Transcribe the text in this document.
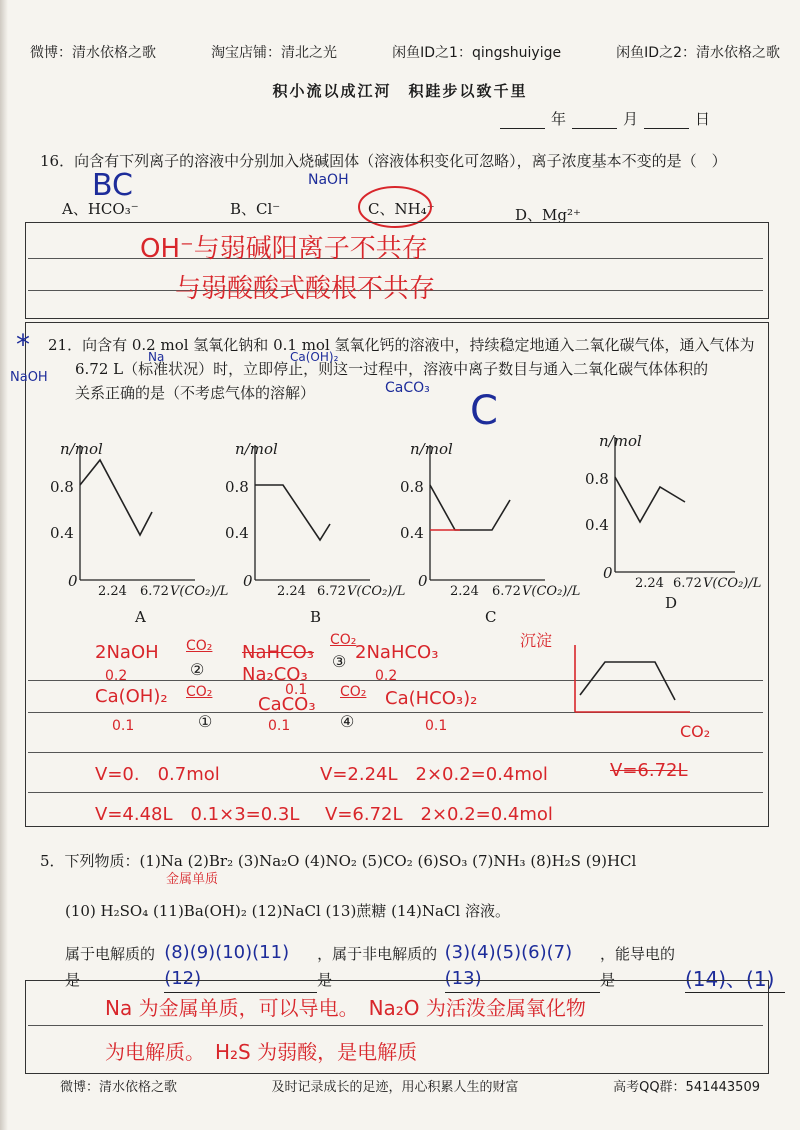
微博：清水依格之歌	淘宝店铺：清北之光	闲鱼ID之1：qingshuiyige	闲鱼ID之2：清水依格之歌
积小流以成江河　积跬步以致千里
年	月	日
16．向含有下列离子的溶液中分别加入烧碱固体（溶液体积变化可忽略），离子浓度基本不变的是（　）
BC	NaOH
A、HCO₃⁻	B、Cl⁻	C、NH₄⁺	D、Mg²⁺
OH⁻与弱碱阳离子不共存
与弱酸酸式酸根不共存
21．向含有 0.2 mol 氢氧化钠和 0.1 mol 氢氧化钙的溶液中，持续稳定地通入二氧化碳气体，通入气体为
6.72 L（标准状况）时，立即停止，则这一过程中，溶液中离子数目与通入二氧化碳气体体积的
关系正确的是（不考虑气体的溶解）
*
NaOH
Na	Ca(OH)₂
CaCO₃ C
n/mol
0.8
0.4
0
2.24 6.72 V(CO₂)/L
A
n/mol
0.8
0.4
0
2.24 6.72 V(CO₂)/L
B
n/mol
0.8
0.4
0
2.24 6.72 V(CO₂)/L
C
n/mol
0.8
0.4
0
2.24 6.72 V(CO₂)/L
D
2NaOH CO₂ NaHCO₃
CO₂
2NaHCO₃
②	③
Na₂CO₃
0.2
0.1
0.2
Ca(OH)₂ CO₂
CaCO₃
CO₂ Ca(HCO₃)₂
①	④
0.1	0.1	0.1
沉淀
CO₂
V=0.　0.7mol	V=2.24L　2×0.2=0.4mol	V=6.72L
V=4.48L　0.1×3=0.3L V=6.72L　2×0.2=0.4mol
5．下列物质：(1)Na (2)Br₂ (3)Na₂O (4)NO₂ (5)CO₂ (6)SO₃ (7)NH₃ (8)H₂S (9)HCl
金属单质
(10) H₂SO₄ (11)Ba(OH)₂ (12)NaCl (13)蔗糖 (14)NaCl 溶液。
属于电解质的是
(8)(9)(10)(11)(12)
，属于非电解质的是
(3)(4)(5)(6)(7)(13)
，能导电的是	(14)、(1)
Na 为金属单质，可以导电。　Na₂O 为活泼金属氧化物
为电解质。　H₂S 为弱酸，是电解质
微博：清水依格之歌	及时记录成长的足迹，用心积累人生的财富	高考QQ群：541443509
